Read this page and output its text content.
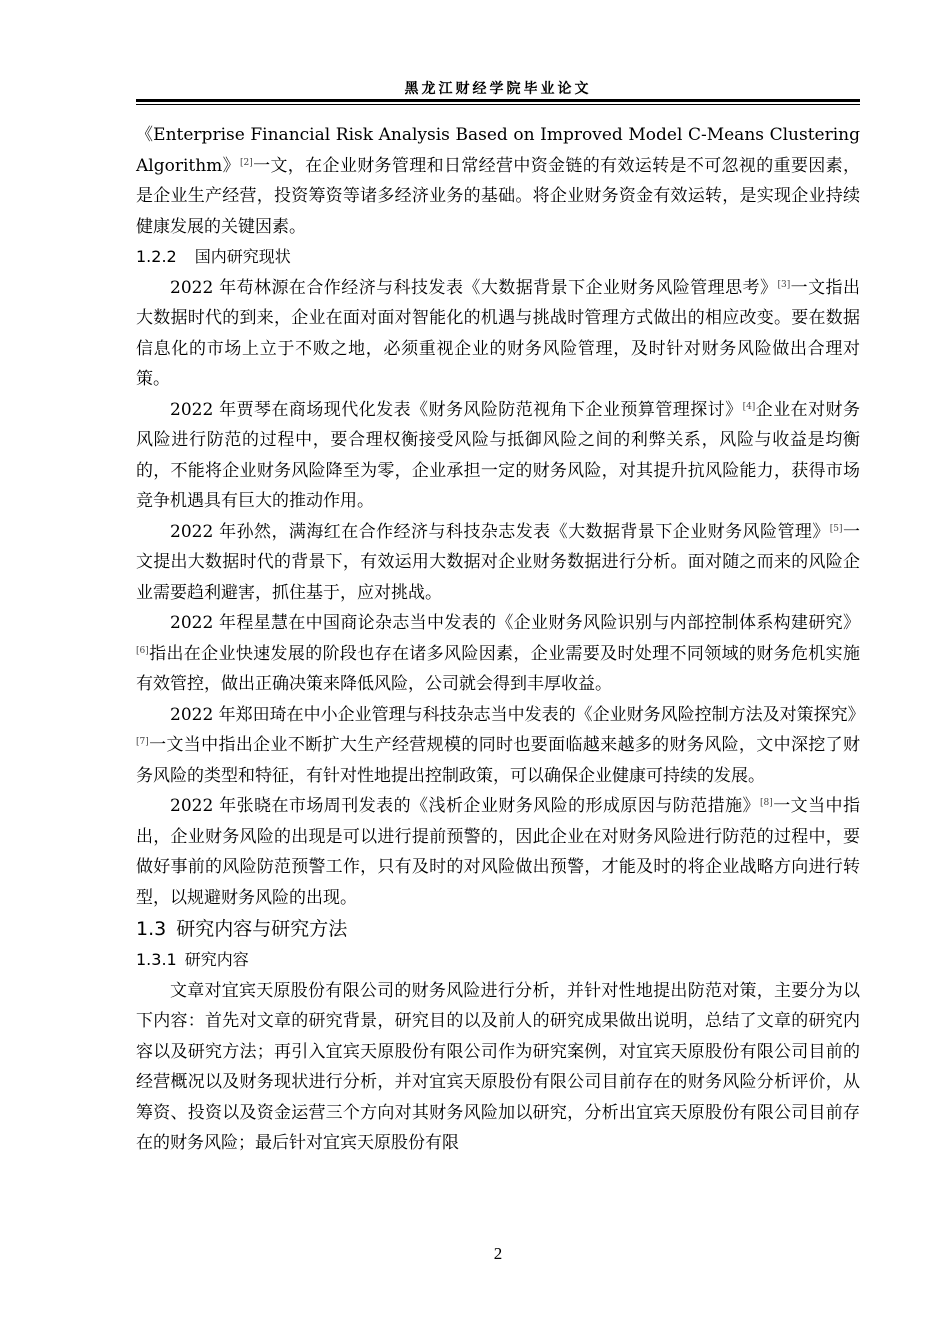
黑龙江财经学院毕业论文

《Enterprise Financial Risk Analysis Based on Improved Model C-Means Clustering Algorithm》[2]一文，在企业财务管理和日常经营中资金链的有效运转是不可忽视的重要因素，是企业生产经营，投资筹资等诸多经济业务的基础。将企业财务资金有效运转，是实现企业持续健康发展的关键因素。

1.2.2 国内研究现状

2022 年苟林源在合作经济与科技发表《大数据背景下企业财务风险管理思考》[3]一文指出大数据时代的到来，企业在面对面对智能化的机遇与挑战时管理方式做出的相应改变。要在数据信息化的市场上立于不败之地，必须重视企业的财务风险管理，及时针对财务风险做出合理对策。

2022 年贾琴在商场现代化发表《财务风险防范视角下企业预算管理探讨》[4]企业在对财务风险进行防范的过程中，要合理权衡接受风险与抵御风险之间的利弊关系，风险与收益是均衡的，不能将企业财务风险降至为零，企业承担一定的财务风险，对其提升抗风险能力，获得市场竞争机遇具有巨大的推动作用。

2022 年孙然，满海红在合作经济与科技杂志发表《大数据背景下企业财务风险管理》[5]一文提出大数据时代的背景下，有效运用大数据对企业财务数据进行分析。面对随之而来的风险企业需要趋利避害，抓住基于，应对挑战。

2022 年程星慧在中国商论杂志当中发表的《企业财务风险识别与内部控制体系构建研究》[6]指出在企业快速发展的阶段也存在诸多风险因素，企业需要及时处理不同领域的财务危机实施有效管控，做出正确决策来降低风险，公司就会得到丰厚收益。

2022 年郑田琦在中小企业管理与科技杂志当中发表的《企业财务风险控制方法及对策探究》[7]一文当中指出企业不断扩大生产经营规模的同时也要面临越来越多的财务风险，文中深挖了财务风险的类型和特征，有针对性地提出控制政策，可以确保企业健康可持续的发展。

2022 年张晓在市场周刊发表的《浅析企业财务风险的形成原因与防范措施》[8]一文当中指出，企业财务风险的出现是可以进行提前预警的，因此企业在对财务风险进行防范的过程中，要做好事前的风险防范预警工作，只有及时的对风险做出预警，才能及时的将企业战略方向进行转型，以规避财务风险的出现。

1.3 研究内容与研究方法

1.3.1 研究内容

文章对宜宾天原股份有限公司的财务风险进行分析，并针对性地提出防范对策，主要分为以下内容：首先对文章的研究背景，研究目的以及前人的研究成果做出说明，总结了文章的研究内容以及研究方法；再引入宜宾天原股份有限公司作为研究案例，对宜宾天原股份有限公司目前的经营概况以及财务现状进行分析，并对宜宾天原股份有限公司目前存在的财务风险分析评价，从筹资、投资以及资金运营三个方向对其财务风险加以研究，分析出宜宾天原股份有限公司目前存在的财务风险；最后针对宜宾天原股份有限

2
